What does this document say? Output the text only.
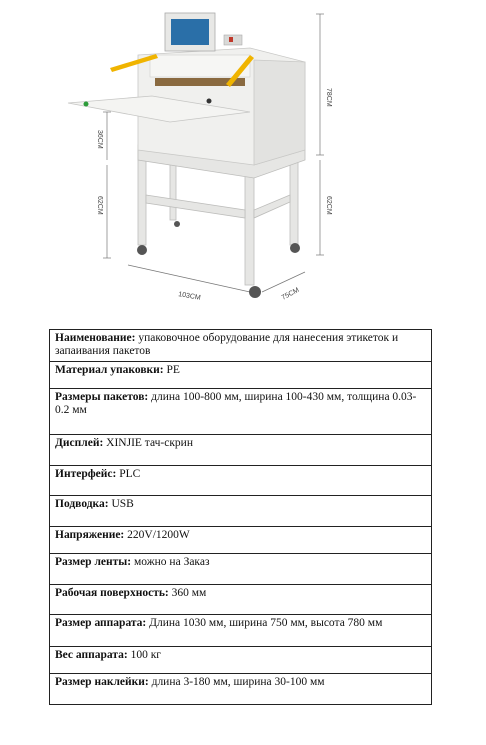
78CM
36CM
62CM	62CM
103CM	75CM
Наименование: упаковочное оборудование для нанесения этикеток и запаивания пакетов
Материал упаковки: PE
Размеры пакетов: длина 100-800 мм, ширина 100-430 мм, толщина 0.03-0.2 мм
Дисплей: XINJIE тач-скрин
Интерфейс: PLC
Подводка: USB
Напряжение: 220V/1200W
Размер ленты: можно на Заказ
Рабочая поверхность: 360 мм
Размер аппарата: Длина 1030 мм, ширина 750 мм, высота 780 мм
Вес аппарата: 100 кг
Размер наклейки: длина 3-180 мм, ширина 30-100 мм
